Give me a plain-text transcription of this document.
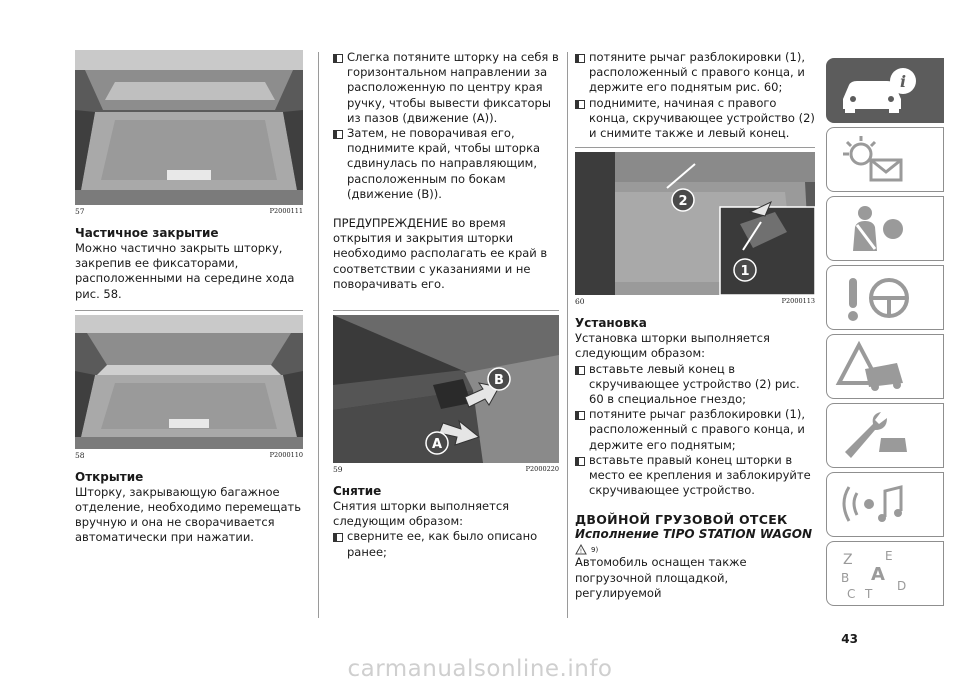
57	P2000111
Частичное закрытие

Можно частично закрыть шторку, закрепив ее фиксаторами, расположенными на середине хода рис. 58.

58	P2000110
Открытие

Шторку, закрывающую багажное отделение, необходимо перемещать вручную и она не сворачивается автоматически при нажатии.

Слегка потяните шторку на себя в горизонтальном направлении за расположенную по центру края ручку, чтобы вывести фиксаторы из пазов (движение (A)).

Затем, не поворачивая его, поднимите край, чтобы шторка сдвинулась по направляющим, расположенным по бокам (движение (B)).

ПРЕДУПРЕЖДЕНИЕ во время открытия и закрытия шторки необходимо располагать ее край в соответствии с указаниями и не поворачивать его.

B
A
59	P2000220
Снятие

Снятия шторки выполняется следующим образом:

сверните ее, как было описано ранее;

потяните рычаг разблокировки (1), расположенный с правого конца, и держите его поднятым рис. 60;

поднимите, начиная с правого конца, скручивающее устройство (2) и снимите также и левый конец.

2
1
60	P2000113
Установка

Установка шторки выполняется следующим образом:

вставьте левый конец в скручивающее устройство (2) рис. 60 в специальное гнездо;

потяните рычаг разблокировки (1), расположенный с правого конца, и держите его поднятым;

вставьте правый конец шторки в место ее крепления и заблокируйте скручивающее устройство.

ДВОЙНОЙ ГРУЗОВОЙ ОТСЕК
Исполнение TIPO STATION WAGON
! 9)

Автомобиль оснащен также погрузочной площадкой, регулируемой

i
Z	E
B A
C T
D
43
carmanualsonline.info
